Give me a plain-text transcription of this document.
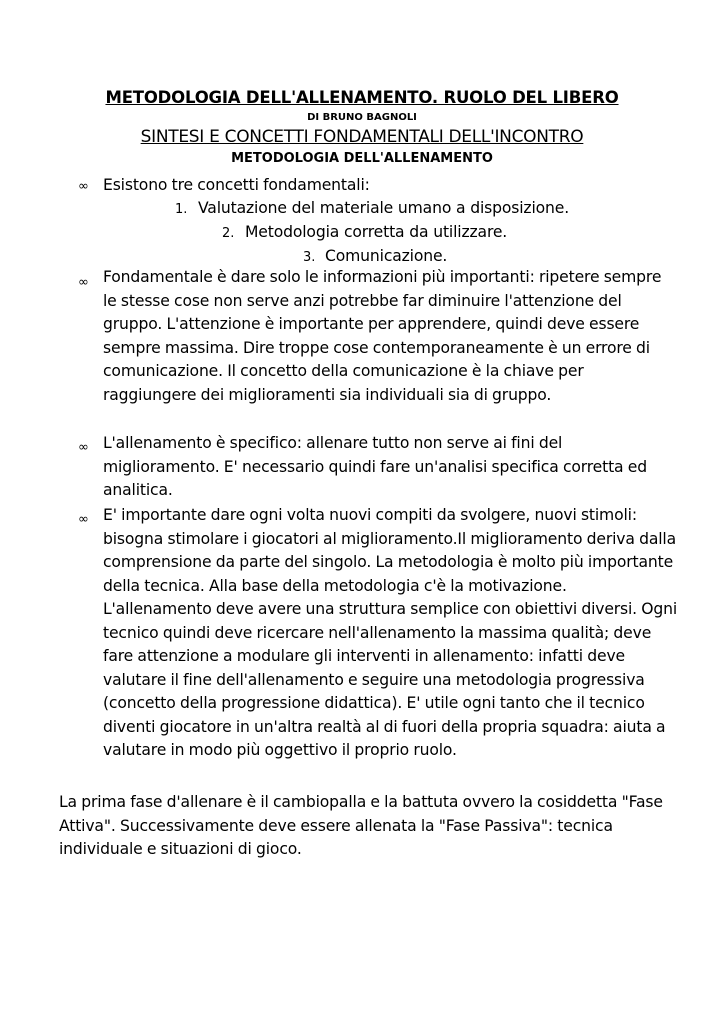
METODOLOGIA DELL'ALLENAMENTO. RUOLO DEL LIBERO
DI BRUNO BAGNOLI
SINTESI E CONCETTI FONDAMENTALI DELL'INCONTRO
METODOLOGIA DELL'ALLENAMENTO
∞ Esistono tre concetti fondamentali:
1. Valutazione del materiale umano a disposizione.
2. Metodologia corretta da utilizzare.
3. Comunicazione.
∞ Fondamentale è dare solo le informazioni più importanti: ripetere sempre le stesse cose non serve anzi potrebbe far diminuire l'attenzione del gruppo. L'attenzione è importante per apprendere, quindi deve essere sempre massima. Dire troppe cose contemporaneamente è un errore di comunicazione. Il concetto della comunicazione è la chiave per raggiungere dei miglioramenti sia individuali sia di gruppo.
∞ L'allenamento è specifico: allenare tutto non serve ai fini del miglioramento. E' necessario quindi fare un'analisi specifica corretta ed analitica.
∞ E' importante dare ogni volta nuovi compiti da svolgere, nuovi stimoli: bisogna stimolare i giocatori al miglioramento.Il miglioramento deriva dalla comprensione da parte del singolo. La metodologia è molto più importante della tecnica. Alla base della metodologia c'è la motivazione. L'allenamento deve avere una struttura semplice con obiettivi diversi. Ogni tecnico quindi deve ricercare nell'allenamento la massima qualità; deve fare attenzione a modulare gli interventi in allenamento: infatti deve valutare il fine dell'allenamento e seguire una metodologia progressiva (concetto della progressione didattica). E' utile ogni tanto che il tecnico diventi giocatore in un'altra realtà al di fuori della propria squadra: aiuta a valutare in modo più oggettivo il proprio ruolo.
La prima fase d'allenare è il cambiopalla e la battuta ovvero la cosiddetta "Fase Attiva". Successivamente deve essere allenata la "Fase Passiva": tecnica individuale e situazioni di gioco.
